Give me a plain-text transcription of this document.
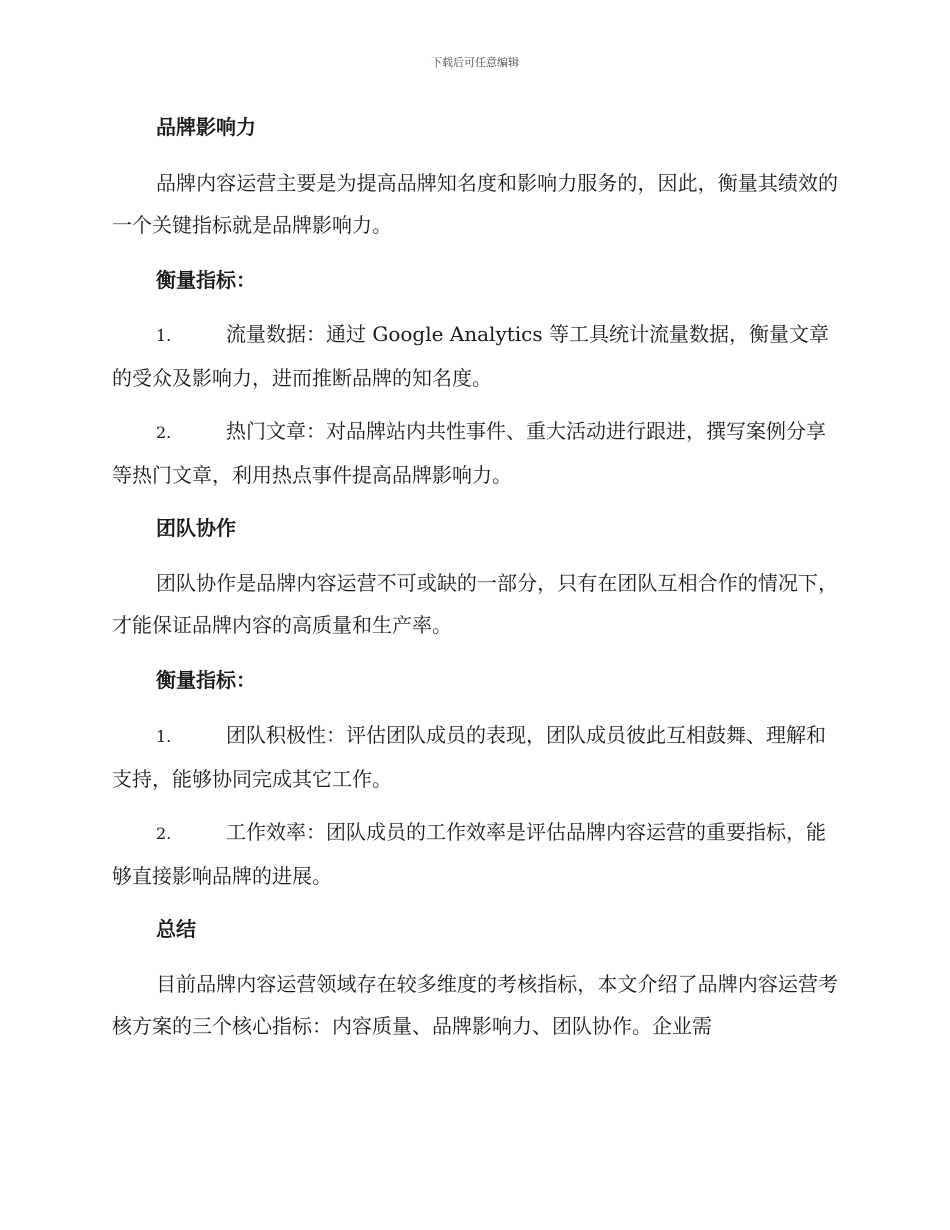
下载后可任意编辑
品牌影响力
品牌内容运营主要是为提高品牌知名度和影响力服务的，因此，衡量其绩效的一个关键指标就是品牌影响力。
衡量指标：
1.	流量数据：通过 Google Analytics 等工具统计流量数据，衡量文章的受众及影响力，进而推断品牌的知名度。
2.	热门文章：对品牌站内共性事件、重大活动进行跟进，撰写案例分享等热门文章，利用热点事件提高品牌影响力。
团队协作
团队协作是品牌内容运营不可或缺的一部分，只有在团队互相合作的情况下，才能保证品牌内容的高质量和生产率。
衡量指标：
1.	团队积极性：评估团队成员的表现，团队成员彼此互相鼓舞、理解和支持，能够协同完成其它工作。
2.	工作效率：团队成员的工作效率是评估品牌内容运营的重要指标，能够直接影响品牌的进展。
总结
目前品牌内容运营领域存在较多维度的考核指标，本文介绍了品牌内容运营考核方案的三个核心指标：内容质量、品牌影响力、团队协作。企业需
